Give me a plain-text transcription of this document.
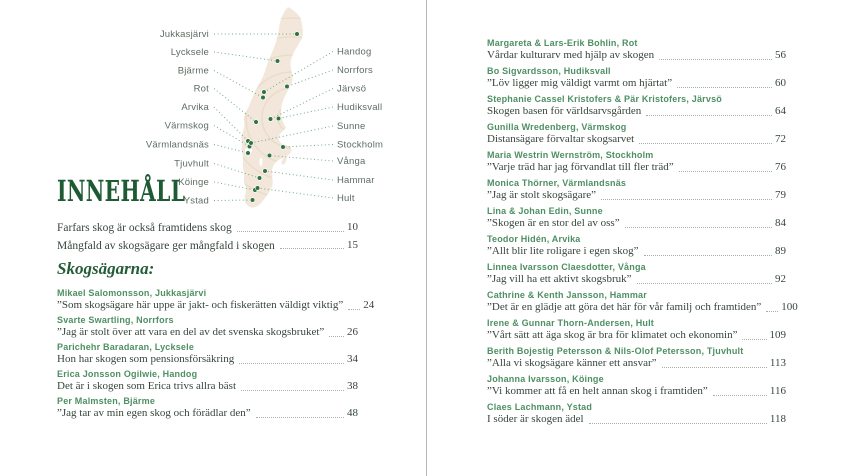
Jukkasjärvi
Lycksele
Bjärme
Rot
Arvika
Värmskog
Värmlandsnäs
Tjuvhult
Köinge
Ystad
Handog
Norrfors
Järvsö
Hudiksvall
Sunne
Stockholm
Vånga
Hammar
Hult
INNEHÅLL
Farfars skog är också framtidens skog	10
Mångfald av skogsägare ger mångfald i skogen	15
Skogsägarna:
Mikael Salomonsson, Jukkasjärvi
”Som skogsägare här uppe är jakt- och fiskerätten väldigt viktig” 24
Svarte Swartling, Norrfors
”Jag är stolt över att vara en del av det svenska skogsbruket” 26
Parichehr Baradaran, Lycksele
Hon har skogen som pensionsförsäkring	34
Erica Jonsson Ogilwie, Handog
Det är i skogen som Erica trivs allra bäst	38
Per Malmsten, Bjärme
”Jag tar av min egen skog och förädlar den”	48
Margareta & Lars-Erik Bohlin, Rot
Vårdar kulturarv med hjälp av skogen	56
Bo Sigvardsson, Hudiksvall
”Löv ligger mig väldigt varmt om hjärtat”	60
Stephanie Cassel Kristofers & Pär Kristofers, Järvsö
Skogen basen för världsarvsgården	64
Gunilla Wredenberg, Värmskog
Distansägare förvaltar skogsarvet	72
Maria Westrin Wernström, Stockholm
”Varje träd har jag förvandlat till fler träd”	76
Monica Thörner, Värmlandsnäs
”Jag är stolt skogsägare”	79
Lina & Johan Edin, Sunne
”Skogen är en stor del av oss”	84
Teodor Hidén, Arvika
”Allt blir lite roligare i egen skog”	89
Linnea Ivarsson Claesdotter, Vånga
”Jag vill ha ett aktivt skogsbruk”	92
Cathrine & Kenth Jansson, Hammar
”Det är en glädje att göra det här för vår familj och framtiden” 100
Irene & Gunnar Thorn-Andersen, Hult
”Vårt sätt att äga skog är bra för klimatet och ekonomin”	109
Berith Bojestig Petersson & Nils-Olof Petersson, Tjuvhult
”Alla vi skogsägare känner ett ansvar”	113
Johanna Ivarsson, Köinge
”Vi kommer att få en helt annan skog i framtiden”	116
Claes Lachmann, Ystad
I söder är skogen ädel	118
